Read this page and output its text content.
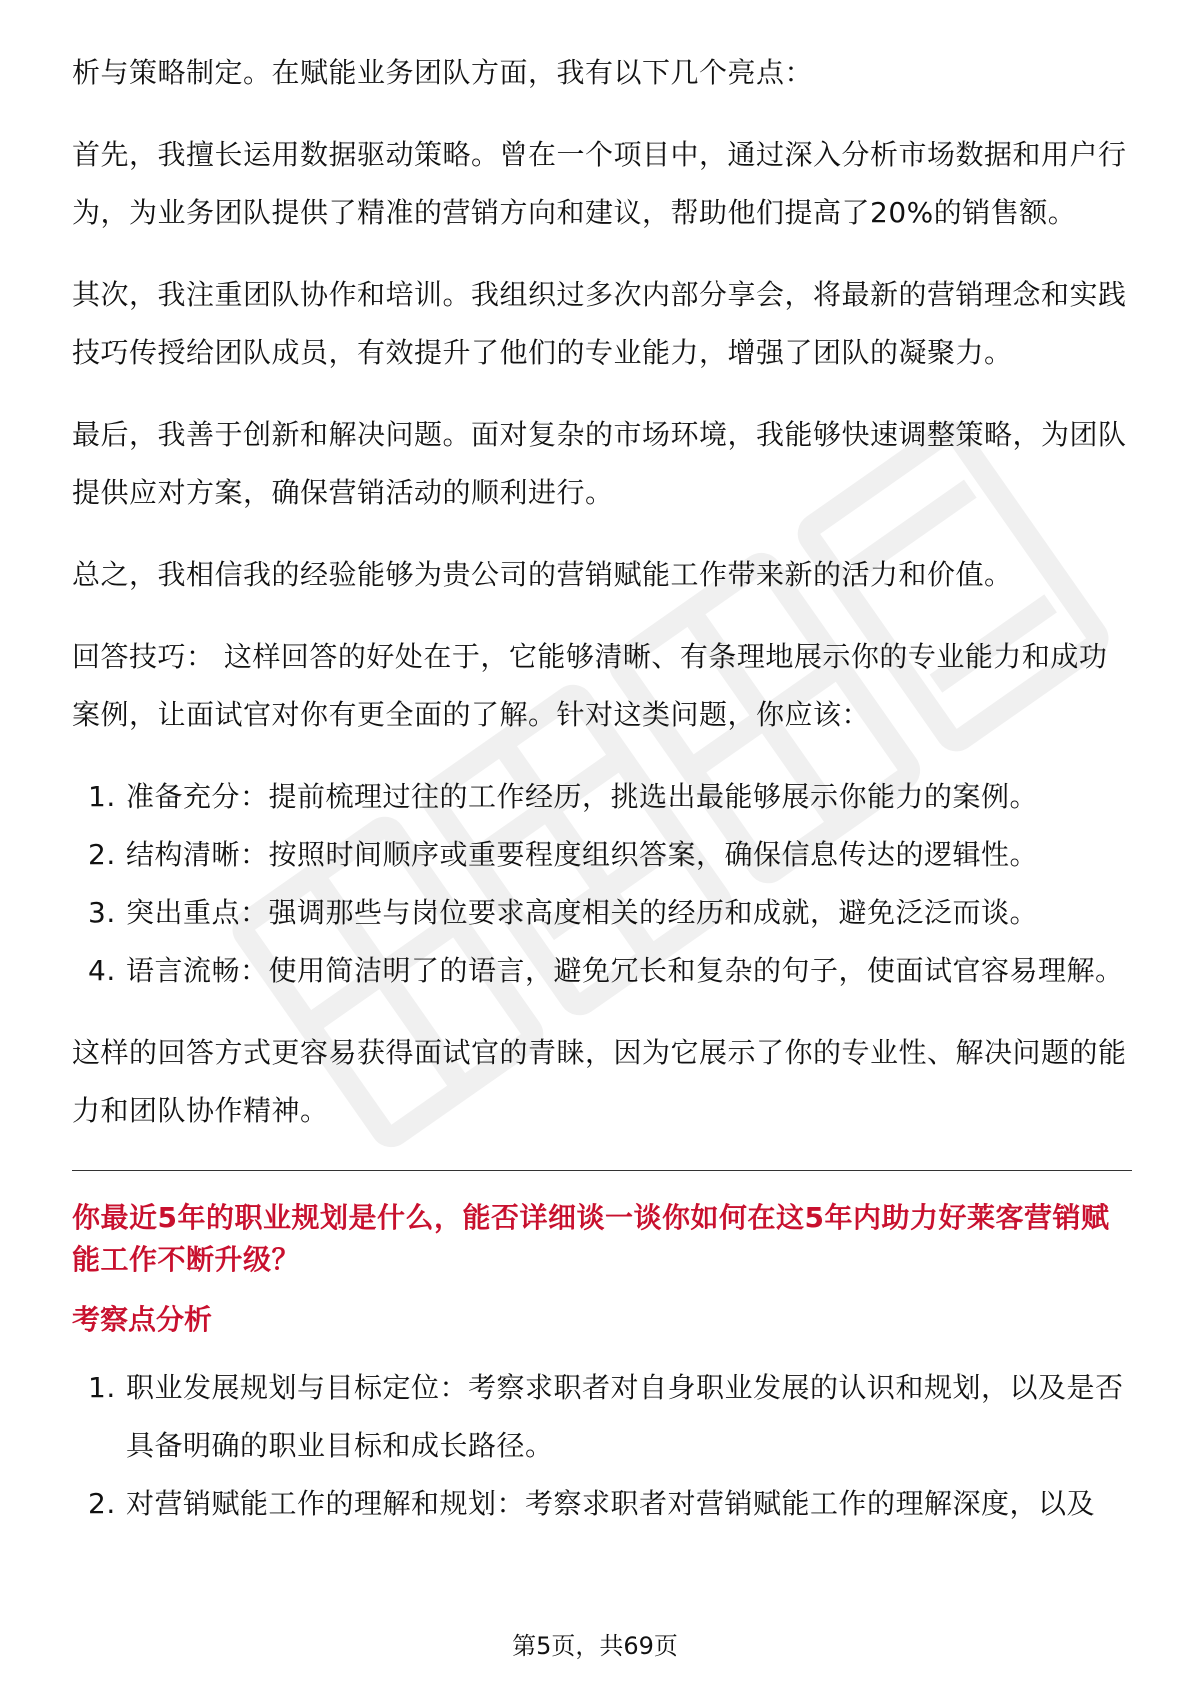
析与策略制定。在赋能业务团队方面，我有以下几个亮点：

首先，我擅长运用数据驱动策略。曾在一个项目中，通过深入分析市场数据和用户行为，为业务团队提供了精准的营销方向和建议，帮助他们提高了20%的销售额。

其次，我注重团队协作和培训。我组织过多次内部分享会，将最新的营销理念和实践技巧传授给团队成员，有效提升了他们的专业能力，增强了团队的凝聚力。

最后，我善于创新和解决问题。面对复杂的市场环境，我能够快速调整策略，为团队提供应对方案，确保营销活动的顺利进行。

总之，我相信我的经验能够为贵公司的营销赋能工作带来新的活力和价值。

回答技巧： 这样回答的好处在于，它能够清晰、有条理地展示你的专业能力和成功案例，让面试官对你有更全面的了解。针对这类问题，你应该：

1. 准备充分：提前梳理过往的工作经历，挑选出最能够展示你能力的案例。
2. 结构清晰：按照时间顺序或重要程度组织答案，确保信息传达的逻辑性。
3. 突出重点：强调那些与岗位要求高度相关的经历和成就，避免泛泛而谈。
4. 语言流畅：使用简洁明了的语言，避免冗长和复杂的句子，使面试官容易理解。

这样的回答方式更容易获得面试官的青睐，因为它展示了你的专业性、解决问题的能力和团队协作精神。

你最近5年的职业规划是什么，能否详细谈一谈你如何在这5年内助力好莱客营销赋能工作不断升级？
考察点分析
1. 职业发展规划与目标定位：考察求职者对自身职业发展的认识和规划，以及是否具备明确的职业目标和成长路径。
2. 对营销赋能工作的理解和规划：考察求职者对营销赋能工作的理解深度，以及
第5页，共69页
